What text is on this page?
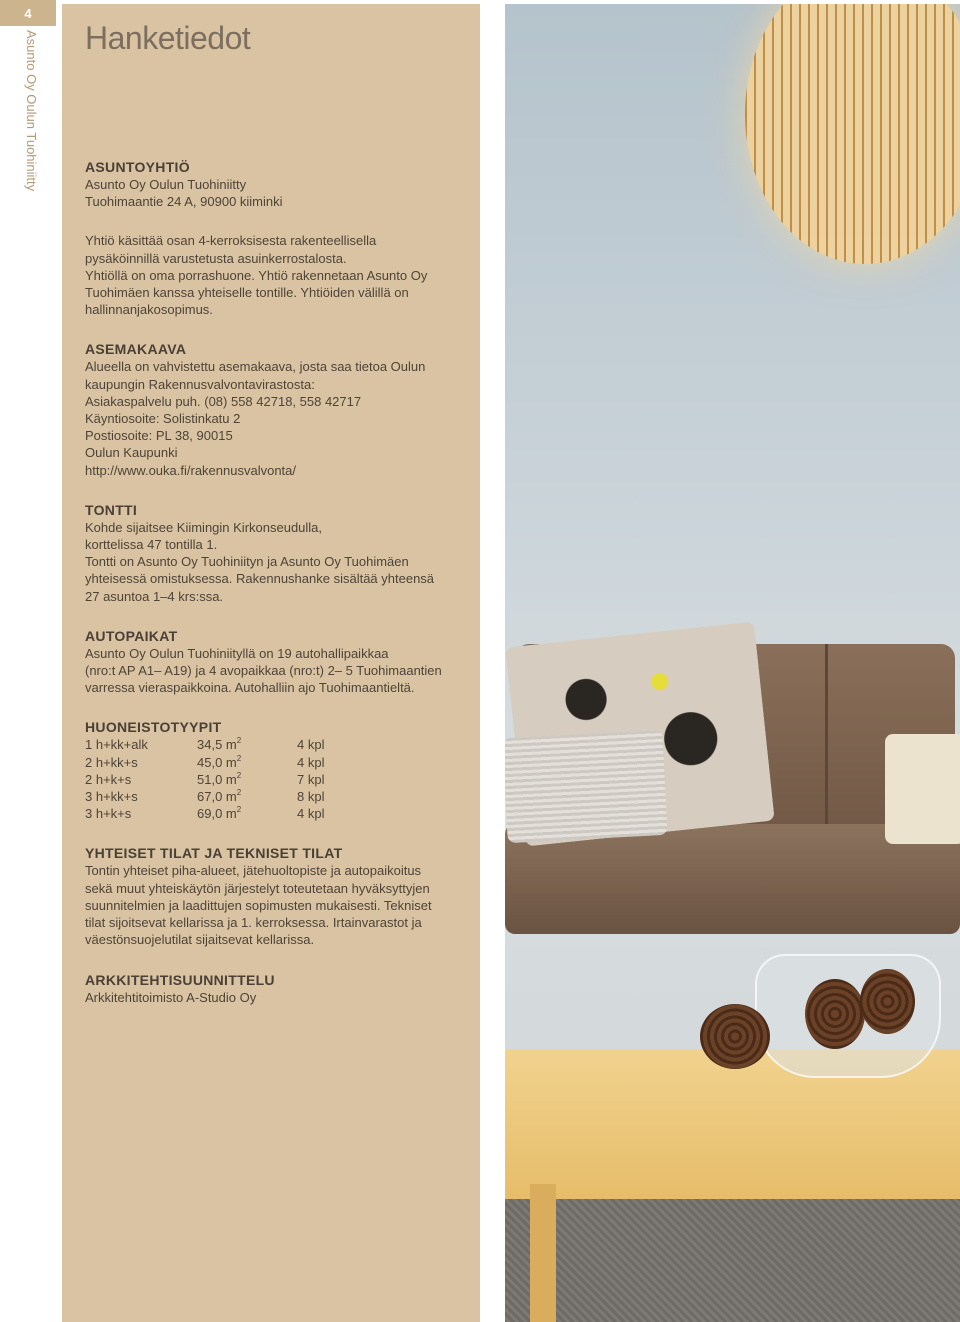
4
Asunto Oy Oulun Tuohiniitty Hanketiedot
ASUNTOYHTIÖ

Asunto Oy Oulun Tuohiniitty

Tuohimaantie 24 A, 90900 kiiminki

Yhtiö käsittää osan 4-kerroksisesta rakenteellisella

pysäköinnillä varustetusta asuinkerrostalosta.

Yhtiöllä on oma porrashuone. Yhtiö rakennetaan Asunto Oy

Tuohimäen kanssa yhteiselle tontille. Yhtiöiden välillä on

hallinnanjakosopimus.

ASEMAKAAVA

Alueella on vahvistettu asemakaava, josta saa tietoa Oulun

kaupungin Rakennusvalvontavirastosta:

Asiakaspalvelu puh. (08) 558 42718, 558 42717

Käyntiosoite: Solistinkatu 2

Postiosoite: PL 38, 90015

Oulun Kaupunki

http://www.ouka.fi/rakennusvalvonta/

TONTTI

Kohde sijaitsee Kiimingin Kirkonseudulla,

korttelissa 47 tontilla 1.

Tontti on Asunto Oy Tuohiniityn ja Asunto Oy Tuohimäen

yhteisessä omistuksessa. Rakennushanke sisältää yhteensä

27 asuntoa 1–4 krs:ssa.

AUTOPAIKAT

Asunto Oy Oulun Tuohiniityllä on 19 autohallipaikkaa

(nro:t AP A1– A19) ja 4 avopaikkaa (nro:t) 2– 5 Tuohimaantien

varressa vieraspaikkoina. Autohalliin ajo Tuohimaantieltä.

HUONEISTOTYYPIT
1 h+kk+alk	34,5 $m^2$	4 kpl
2 h+kk+s	45,0 $m^2$	4 kpl
2 h+k+s	51,0 $m^2$	7 kpl
3 h+kk+s	67,0 $m^2$	8 kpl
3 h+k+s	69,0 $m^2$	4 kpl
YHTEISET TILAT JA TEKNISET TILAT

Tontin yhteiset piha-alueet, jätehuoltopiste ja autopaikoitus

sekä muut yhteiskäytön järjestelyt toteutetaan hyväksyttyjen

suunnitelmien ja laadittujen sopimusten mukaisesti. Tekniset

tilat sijoitsevat kellarissa ja 1. kerroksessa. Irtainvarastot ja

väestönsuojelutilat sijaitsevat kellarissa.

ARKKITEHTISUUNNITTELU

Arkkitehtitoimisto A-Studio Oy
